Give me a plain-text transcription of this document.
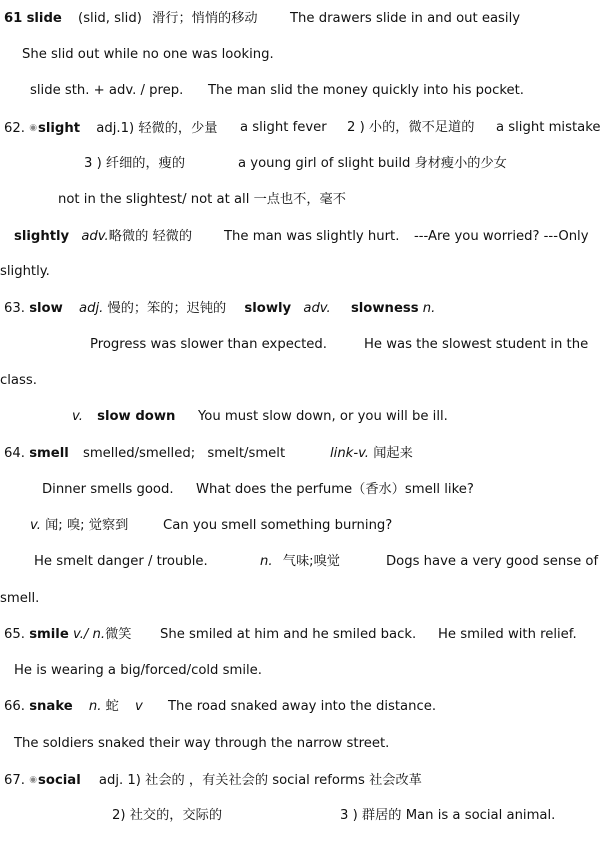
61 slide (slid, slid) 滑行；悄悄的移动 The drawers slide in and out easily
She slid out while no one was looking.
slide sth. + adv. / prep. The man slid the money quickly into his pocket.
62. ◉slight adj.1) 轻微的，少量 a slight fever 2 ) 小的，微不足道的 a slight mistake
3 ) 纤细的，瘦的	a young girl of slight build 身材瘦小的少女
not in the slightest/ not at all 一点也不，毫不
slightly adv.略微的 轻微的 The man was slightly hurt. ---Are you worried? ---Only
slightly.
63. slow adj. 慢的；笨的；迟钝的 slowly adv. slowness n.
Progress was slower than expected.	He was the slowest student in the
class.
v. slow down You must slow down, or you will be ill.
64. smell smelled/smelled; smelt/smelt	link-v. 闻起来
Dinner smells good. What does the perfume（香水）smell like?
v. 闻; 嗅; 觉察到	Can you smell something burning?
He smelt danger / trouble.	n. 气味;嗅觉	Dogs have a very good sense of
smell.
65. smile v./ n.微笑 She smiled at him and he smiled back. He smiled with relief.
He is wearing a big/forced/cold smile.
66. snake n. 蛇 v The road snaked away into the distance.
The soldiers snaked their way through the narrow street.
67. ◉social adj. 1) 社会的 ，有关社会的 social reforms 社会改革
2) 社交的，交际的	3 ) 群居的 Man is a social animal.
